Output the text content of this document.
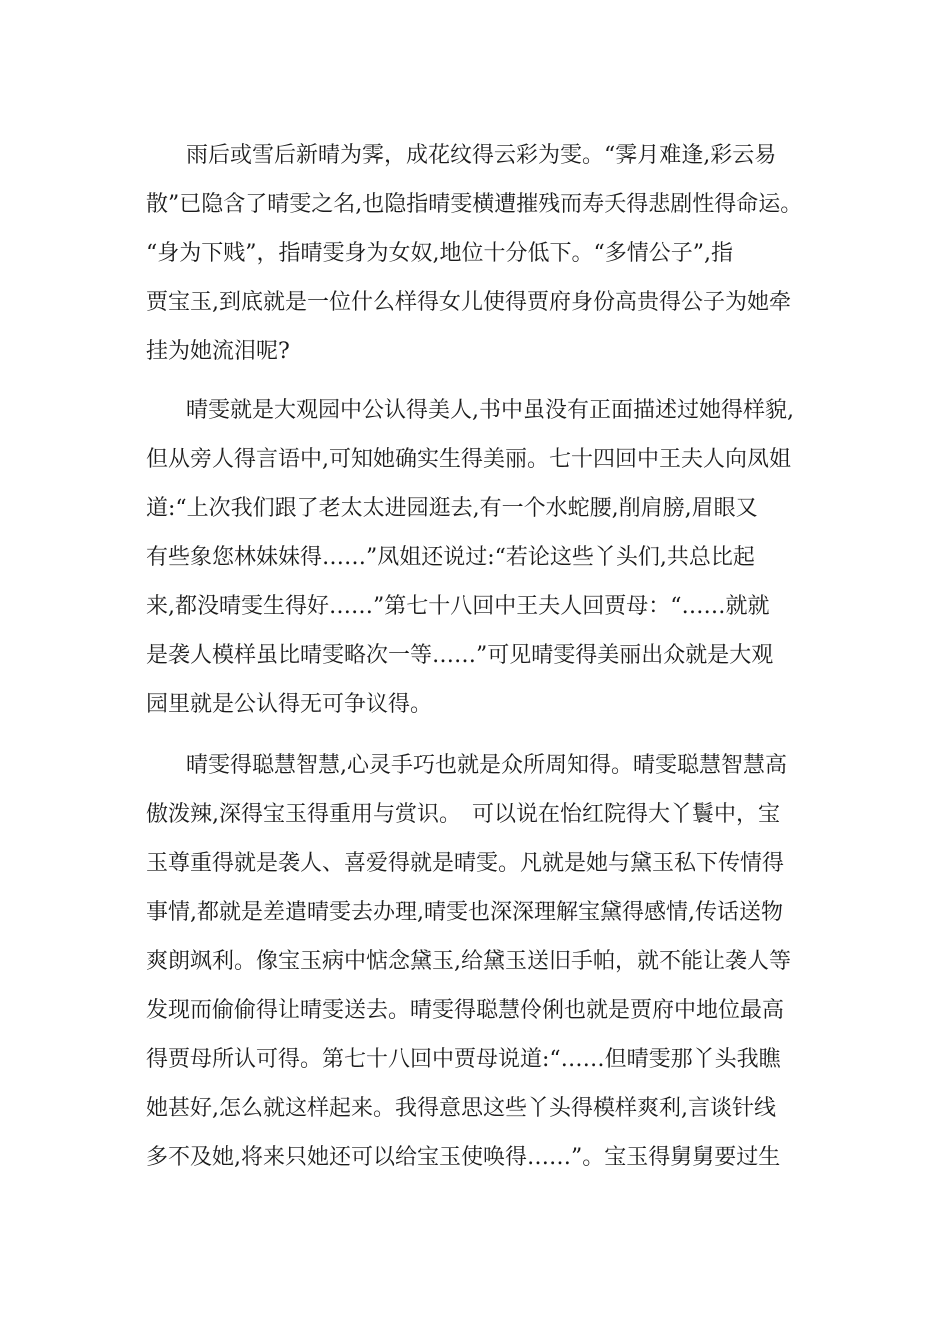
雨后或雪后新晴为霁，成花纹得云彩为雯。“霁月难逢,彩云易
散”已隐含了晴雯之名,也隐指晴雯横遭摧残而寿夭得悲剧性得命运。
“身为下贱”，指晴雯身为女奴,地位十分低下。“多情公子”,指
贾宝玉,到底就是一位什么样得女儿使得贾府身份高贵得公子为她牵
挂为她流泪呢?
晴雯就是大观园中公认得美人,书中虽没有正面描述过她得样貌,
但从旁人得言语中,可知她确实生得美丽。七十四回中王夫人向凤姐
道:“上次我们跟了老太太进园逛去,有一个水蛇腰,削肩膀,眉眼又
有些象您林妹妹得……”凤姐还说过:“若论这些丫头们,共总比起
来,都没晴雯生得好……”第七十八回中王夫人回贾母：“……就就
是袭人模样虽比晴雯略次一等……”可见晴雯得美丽出众就是大观
园里就是公认得无可争议得。
晴雯得聪慧智慧,心灵手巧也就是众所周知得。晴雯聪慧智慧高
傲泼辣,深得宝玉得重用与赏识。　可以说在怡红院得大丫鬟中，宝
玉尊重得就是袭人、喜爱得就是晴雯。凡就是她与黛玉私下传情得
事情,都就是差遣晴雯去办理,晴雯也深深理解宝黛得感情,传话送物
爽朗飒利。像宝玉病中惦念黛玉,给黛玉送旧手帕，就不能让袭人等
发现而偷偷得让晴雯送去。晴雯得聪慧伶俐也就是贾府中地位最高
得贾母所认可得。第七十八回中贾母说道:“……但晴雯那丫头我瞧
她甚好,怎么就这样起来。我得意思这些丫头得模样爽利,言谈针线
多不及她,将来只她还可以给宝玉使唤得……”。宝玉得舅舅要过生
